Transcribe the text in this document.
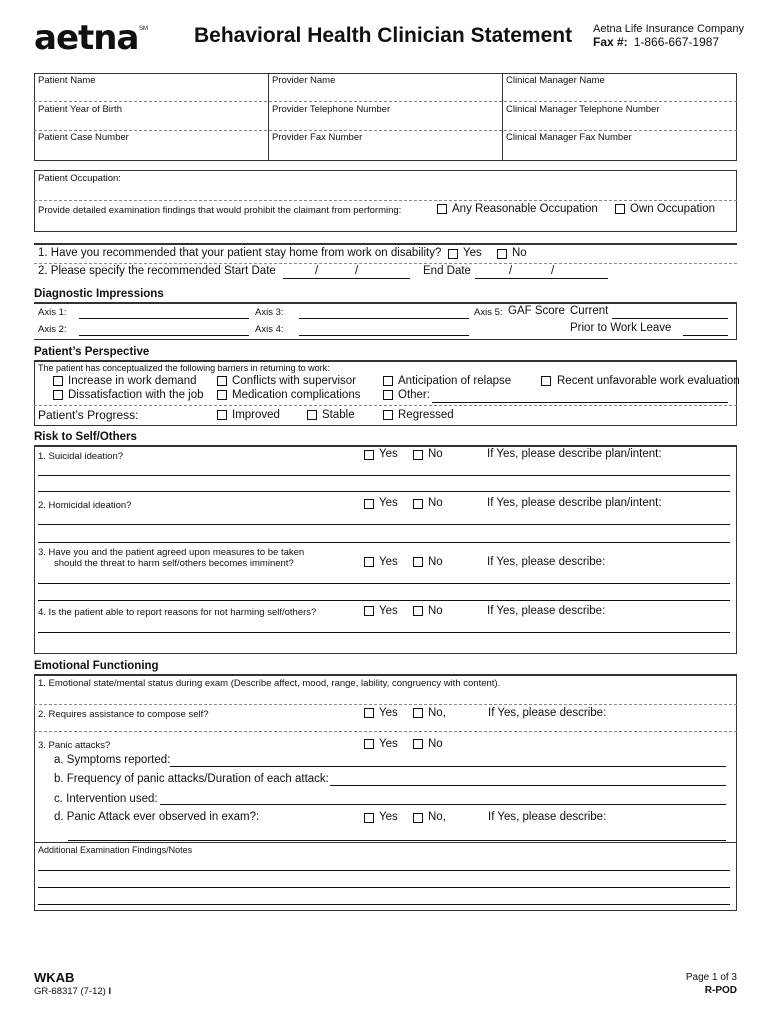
aetna SM Behavioral Health Clinician Statement Aetna Life Insurance Company
Fax #: 1-866-667-1987
Patient Name	Provider Name	Clinical Manager Name
Patient Year of Birth	Provider Telephone Number	Clinical Manager Telephone Number
Patient Case Number	Provider Fax Number	Clinical Manager Fax Number
Patient Occupation:
Provide detailed examination findings that would prohibit the claimant from performing:	Any Reasonable Occupation	Own Occupation
1. Have you recommended that your patient stay home from work on disability? Yes	No
2. Please specify the recommended Start Date	/	/	End Date	/	/
Diagnostic Impressions
Axis 1:	Axis 3:	Axis 5: GAF Score Current
Axis 2:	Axis 4:	Prior to Work Leave
Patient’s Perspective
The patient has conceptualized the following barriers in returning to work:
Increase in work demand	Conflicts with supervisor	Anticipation of relapse	Recent unfavorable work evaluation
Dissatisfaction with the job Medication complications	Other:
Patient’s Progress:	Improved	Stable	Regressed
Risk to Self/Others
1. Suicidal ideation?	Yes	No	If Yes, please describe plan/intent:
2. Homicidal ideation?	Yes	No	If Yes, please describe plan/intent:
3. Have you and the patient agreed upon measures to be taken
should the threat to harm self/others becomes imminent?	Yes	No	If Yes, please describe:
4. Is the patient able to report reasons for not harming self/others?	Yes	No	If Yes, please describe:
Emotional Functioning
1. Emotional state/mental status during exam (Describe affect, mood, range, lability, congruency with content).
2. Requires assistance to compose self?	Yes	No,	If Yes, please describe:
3. Panic attacks?	Yes	No
a. Symptoms reported:
b. Frequency of panic attacks/Duration of each attack:
c. Intervention used:
d. Panic Attack ever observed in exam?:	Yes	No,	If Yes, please describe:
Additional Examination Findings/Notes
WKAB
GR-68317 (7-12) I
Page 1 of 3
R-POD
